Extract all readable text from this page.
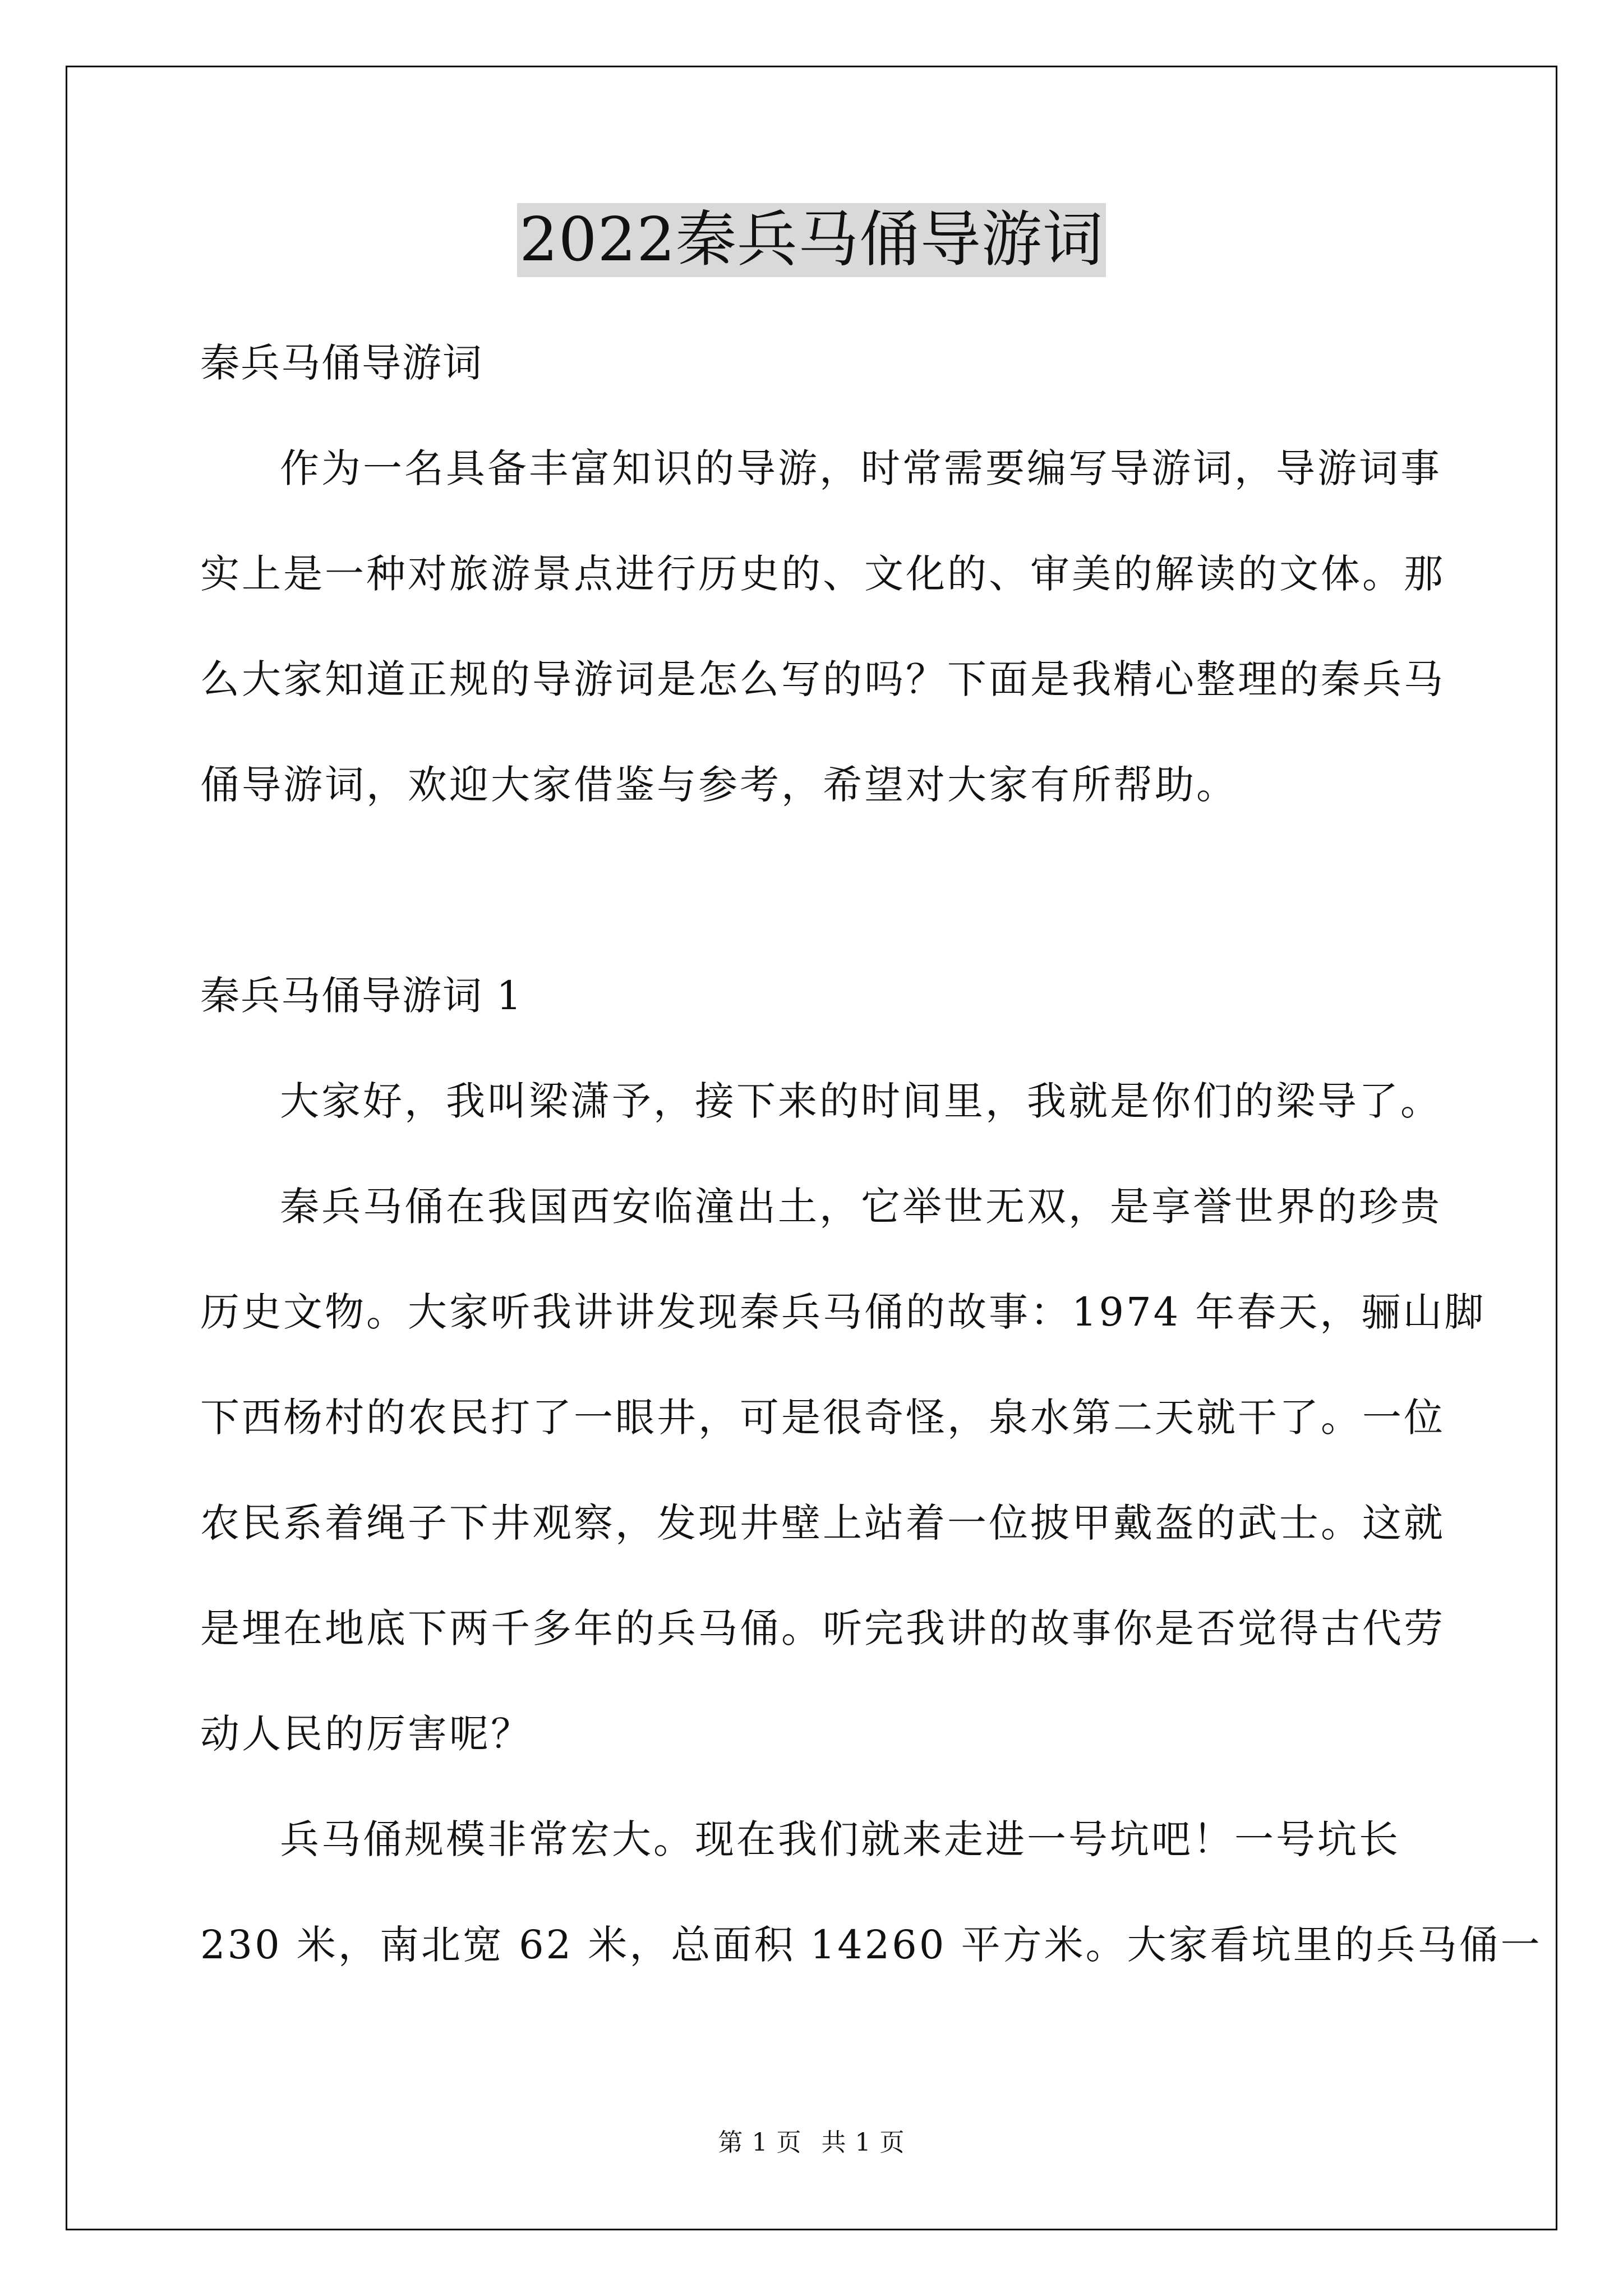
2022秦兵马俑导游词
秦兵马俑导游词
作为一名具备丰富知识的导游，时常需要编写导游词，导游词事
实上是一种对旅游景点进行历史的、文化的、审美的解读的文体。那
么大家知道正规的导游词是怎么写的吗？下面是我精心整理的秦兵马
俑导游词，欢迎大家借鉴与参考，希望对大家有所帮助。
秦兵马俑导游词 1
大家好，我叫梁潇予，接下来的时间里，我就是你们的梁导了。
秦兵马俑在我国西安临潼出土，它举世无双，是享誉世界的珍贵
历史文物。大家听我讲讲发现秦兵马俑的故事：1974 年春天，骊山脚
下西杨村的农民打了一眼井，可是很奇怪，泉水第二天就干了。一位
农民系着绳子下井观察，发现井壁上站着一位披甲戴盔的武士。这就
是埋在地底下两千多年的兵马俑。听完我讲的故事你是否觉得古代劳
动人民的厉害呢？
兵马俑规模非常宏大。现在我们就来走进一号坑吧！一号坑长
230 米，南北宽 62 米，总面积 14260 平方米。大家看坑里的兵马俑一
第 1 页 共 1 页
